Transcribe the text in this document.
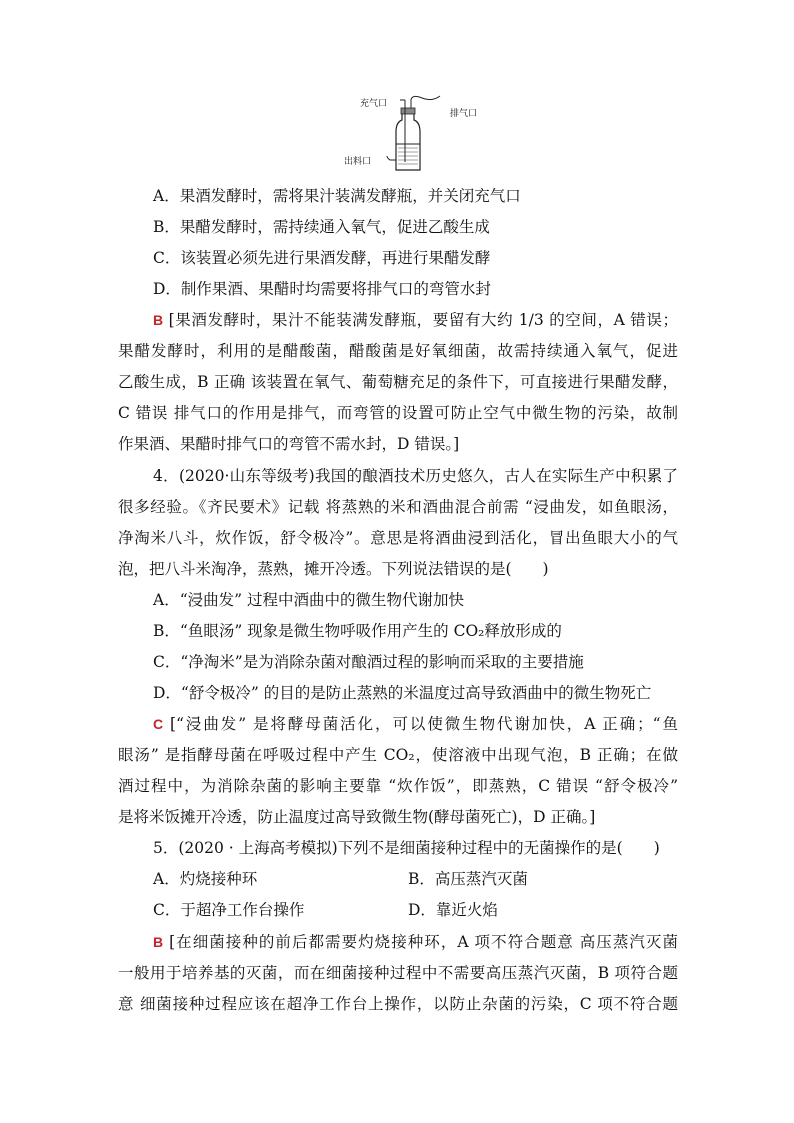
充气口
排气口
出料口
A．果酒发酵时，需将果汁装满发酵瓶，并关闭充气口
B．果醋发酵时，需持续通入氧气，促进乙酸生成
C．该装置必须先进行果酒发酵，再进行果醋发酵
D．制作果酒、果醋时均需要将排气口的弯管水封
B [果酒发酵时，果汁不能装满发酵瓶，要留有大约 1/3 的空间，A 错误；
果醋发酵时，利用的是醋酸菌，醋酸菌是好氧细菌，故需持续通入氧气，促进
乙酸生成，B 正确 该装置在氧气、葡萄糖充足的条件下，可直接进行果醋发酵，
C 错误 排气口的作用是排气，而弯管的设置可防止空气中微生物的污染，故制
作果酒、果醋时排气口的弯管不需水封，D 错误。]
4．(2020·山东等级考)我国的酿酒技术历史悠久，古人在实际生产中积累了
很多经验。《齐民要术》记载 将蒸熟的米和酒曲混合前需 “浸曲发，如鱼眼汤，
净淘米八斗，炊作饭，舒令极冷”。意思是将酒曲浸到活化，冒出鱼眼大小的气
泡，把八斗米淘净，蒸熟，摊开冷透。下列说法错误的是(　　)
A．“浸曲发” 过程中酒曲中的微生物代谢加快
B．“鱼眼汤” 现象是微生物呼吸作用产生的 CO₂释放形成的
C．“净淘米”是为消除杂菌对酿酒过程的影响而采取的主要措施
D．“舒令极冷” 的目的是防止蒸熟的米温度过高导致酒曲中的微生物死亡
C [“浸曲发” 是将酵母菌活化，可以使微生物代谢加快，A 正确；“鱼
眼汤” 是指酵母菌在呼吸过程中产生 CO₂，使溶液中出现气泡，B 正确；在做
酒过程中，为消除杂菌的影响主要靠 “炊作饭”，即蒸熟，C 错误 “舒令极冷”
是将米饭摊开冷透，防止温度过高导致微生物(酵母菌死亡)，D 正确。]
5．(2020 · 上海高考模拟)下列不是细菌接种过程中的无菌操作的是(　　)
A．灼烧接种环	B．高压蒸汽灭菌
C．于超净工作台操作	D．靠近火焰
B [在细菌接种的前后都需要灼烧接种环，A 项不符合题意 高压蒸汽灭菌
一般用于培养基的灭菌，而在细菌接种过程中不需要高压蒸汽灭菌，B 项符合题
意 细菌接种过程应该在超净工作台上操作，以防止杂菌的污染，C 项不符合题
